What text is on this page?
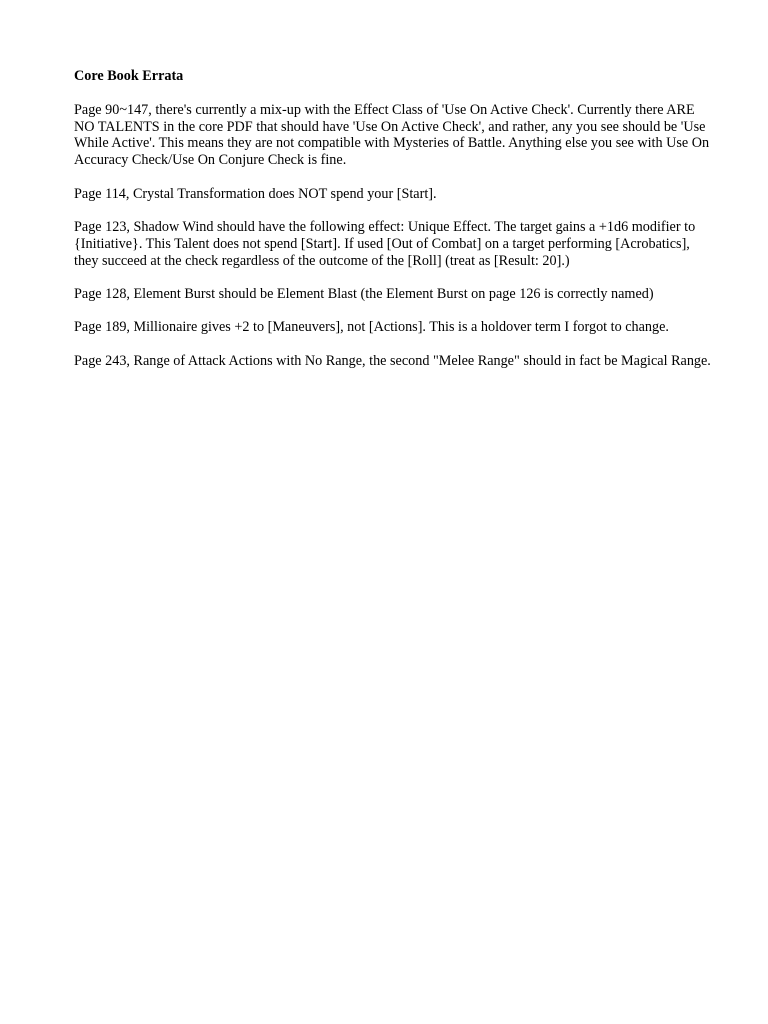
Core Book Errata

Page 90~147, there's currently a mix-up with the Effect Class of 'Use On Active Check'. Currently there ARE NO TALENTS in the core PDF that should have 'Use On Active Check', and rather, any you see should be 'Use While Active'. This means they are not compatible with Mysteries of Battle. Anything else you see with Use On Accuracy Check/Use On Conjure Check is fine.

Page 114, Crystal Transformation does NOT spend your [Start].

Page 123, Shadow Wind should have the following effect: Unique Effect. The target gains a +1d6 modifier to {Initiative}. This Talent does not spend [Start]. If used [Out of Combat] on a target performing [Acrobatics], they succeed at the check regardless of the outcome of the [Roll] (treat as [Result: 20].)

Page 128, Element Burst should be Element Blast (the Element Burst on page 126 is correctly named)

Page 189, Millionaire gives +2 to [Maneuvers], not [Actions]. This is a holdover term I forgot to change.

Page 243, Range of Attack Actions with No Range, the second "Melee Range" should in fact be Magical Range.
